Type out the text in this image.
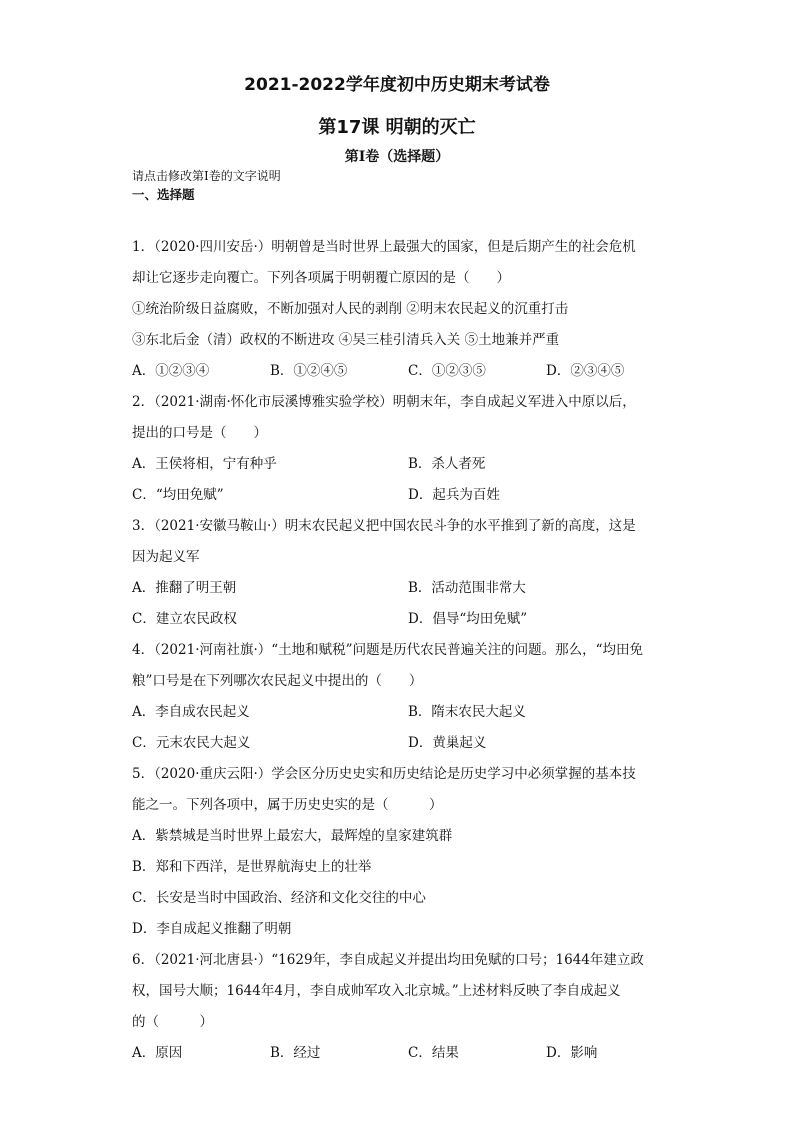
2021-2022学年度初中历史期末考试卷
第17课 明朝的灭亡
第I卷（选择题）
请点击修改第I卷的文字说明
一、选择题
1．（2020·四川安岳·）明朝曾是当时世界上最强大的国家，但是后期产生的社会危机
却让它逐步走向覆亡。下列各项属于明朝覆亡原因的是（　　）
①统治阶级日益腐败，不断加强对人民的剥削 ②明末农民起义的沉重打击
③东北后金（清）政权的不断进攻 ④吴三桂引清兵入关 ⑤土地兼并严重
A．①②③④	B．①②④⑤	C．①②③⑤	D．②③④⑤
2．（2021·湖南·怀化市辰溪博雅实验学校）明朝末年，李自成起义军进入中原以后，
提出的口号是（　　）
A．王侯将相，宁有种乎	B．杀人者死
C．“均田免赋”	D．起兵为百姓
3．（2021·安徽马鞍山·）明末农民起义把中国农民斗争的水平推到了新的高度，这是
因为起义军
A．推翻了明王朝	B．活动范围非常大
C．建立农民政权	D．倡导“均田免赋”
4．（2021·河南社旗·）“土地和赋税”问题是历代农民普遍关注的问题。那么，“均田免
粮”口号是在下列哪次农民起义中提出的（　　）
A．李自成农民起义	B．隋末农民大起义
C．元末农民大起义	D．黄巢起义
5．（2020·重庆云阳·）学会区分历史史实和历史结论是历史学习中必须掌握的基本技
能之一。下列各项中，属于历史史实的是（　　　）
A．紫禁城是当时世界上最宏大，最辉煌的皇家建筑群
B．郑和下西洋，是世界航海史上的壮举
C．长安是当时中国政治、经济和文化交往的中心
D．李自成起义推翻了明朝
6．（2021·河北唐县·）“1629年，李自成起义并提出均田免赋的口号；1644年建立政
权，国号大顺；1644年4月，李自成帅军攻入北京城。”上述材料反映了李自成起义
的（　　　）
A．原因	B．经过	C．结果	D．影响
